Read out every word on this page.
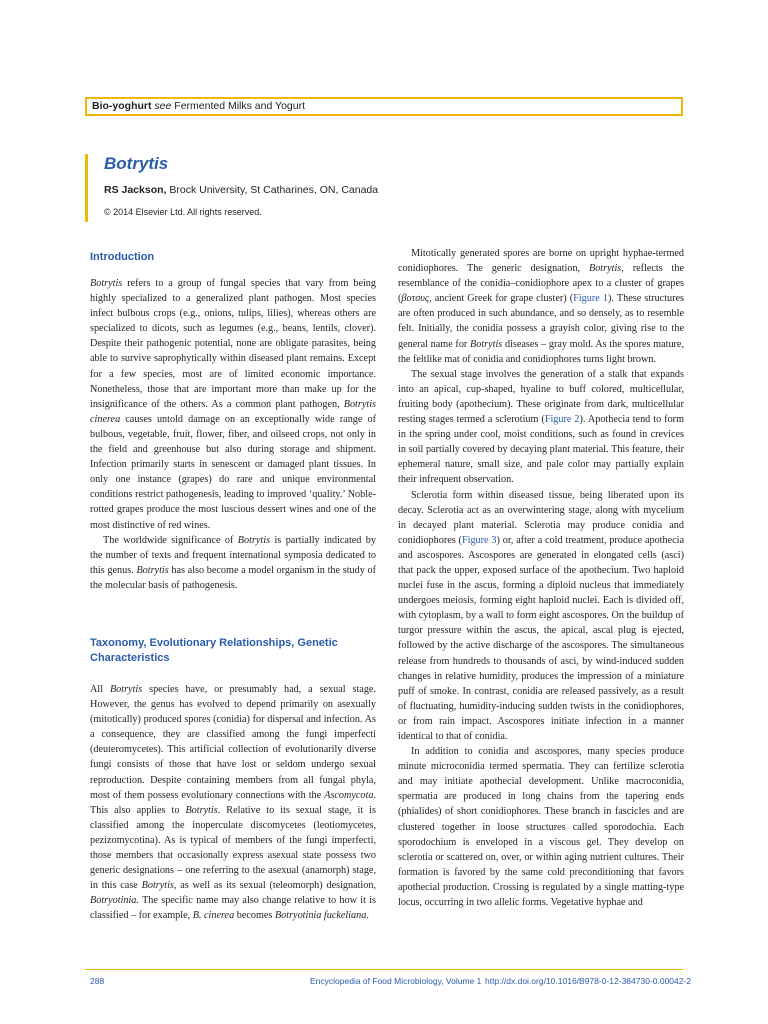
Bio-yoghurt see Fermented Milks and Yogurt
Botrytis
RS Jackson, Brock University, St Catharines, ON, Canada
© 2014 Elsevier Ltd. All rights reserved.
Introduction

Botrytis refers to a group of fungal species that vary from being highly specialized to a generalized plant pathogen. Most species infect bulbous crops (e.g., onions, tulips, lilies), whereas others are specialized to dicots, such as legumes (e.g., beans, lentils, clover). Despite their pathogenic potential, none are obligate parasites, being able to survive saprophytically within diseased plant remains. Except for a few species, most are of limited economic importance. Nonetheless, those that are important more than make up for the insignificance of the others. As a common plant pathogen, Botrytis cinerea causes untold damage on an exceptionally wide range of bulbous, vegetable, fruit, flower, fiber, and oilseed crops, not only in the field and greenhouse but also during storage and shipment. Infection primarily starts in senescent or damaged plant tissues. In only one instance (grapes) do rare and unique environmental conditions restrict pathogenesis, leading to improved ‘quality.’ Noble-rotted grapes produce the most luscious dessert wines and one of the most distinctive of red wines.

The worldwide significance of Botrytis is partially indicated by the number of texts and frequent international symposia dedicated to this genus. Botrytis has also become a model organism in the study of the molecular basis of pathogenesis.

Taxonomy, Evolutionary Relationships, Genetic Characteristics

All Botrytis species have, or presumably had, a sexual stage. However, the genus has evolved to depend primarily on asexually (mitotically) produced spores (conidia) for dispersal and infection. As a consequence, they are classified among the fungi imperfecti (deuteromycetes). This artificial collection of evolutionarily diverse fungi consists of those that have lost or seldom undergo sexual reproduction. Despite containing members from all fungal phyla, most of them possess evolutionary connections with the Ascomycota. This also applies to Botrytis. Relative to its sexual stage, it is classified among the inoperculate discomycetes (leotiomycetes, pezizomycotina). As is typical of members of the fungi imperfecti, those members that occasionally express asexual state possess two generic designations – one referring to the asexual (anamorph) stage, in this case Botrytis, as well as its sexual (teleomorph) designation, Botryotinia. The specific name may also change relative to how it is classified – for example, B. cinerea becomes Botryotinia fuckeliana.

Mitotically generated spores are borne on upright hyphae-termed conidiophores. The generic designation, Botrytis, reflects the resemblance of the conidia–conidiophore apex to a cluster of grapes (βοτσυς, ancient Greek for grape cluster) (Figure 1). These structures are often produced in such abundance, and so densely, as to resemble felt. Initially, the conidia possess a grayish color, giving rise to the general name for Botrytis diseases – gray mold. As the spores mature, the feltlike mat of conidia and conidiophores turns light brown.

The sexual stage involves the generation of a stalk that expands into an apical, cup-shaped, hyaline to buff colored, multicellular, fruiting body (apothecium). These originate from dark, multicellular resting stages termed a sclerotium (Figure 2). Apothecia tend to form in the spring under cool, moist conditions, such as found in crevices in soil partially covered by decaying plant material. This feature, their ephemeral nature, small size, and pale color may partially explain their infrequent observation.

Sclerotia form within diseased tissue, being liberated upon its decay. Sclerotia act as an overwintering stage, along with mycelium in decayed plant material. Sclerotia may produce conidia and conidiophores (Figure 3) or, after a cold treatment, produce apothecia and ascospores. Ascospores are generated in elongated cells (asci) that pack the upper, exposed surface of the apothecium. Two haploid nuclei fuse in the ascus, forming a diploid nucleus that immediately undergoes meiosis, forming eight haploid nuclei. Each is divided off, with cytoplasm, by a wall to form eight ascospores. On the buildup of turgor pressure within the ascus, the apical, ascal plug is ejected, followed by the active discharge of the ascospores. The simultaneous release from hundreds to thousands of asci, by wind-induced sudden changes in relative humidity, produces the impression of a miniature puff of smoke. In contrast, conidia are released passively, as a result of fluctuating, humidity-inducing sudden twists in the conidiophores, or from rain impact. Ascospores initiate infection in a manner identical to that of conidia.

In addition to conidia and ascospores, many species produce minute microconidia termed spermatia. They can fertilize sclerotia and may initiate apothecial development. Unlike macroconidia, spermatia are produced in long chains from the tapering ends (phialides) of short conidiophores. These branch in fascicles and are clustered together in loose structures called sporodochia. Each sporodochium is enveloped in a viscous gel. They develop on sclerotia or scattered on, over, or within aging nutrient cultures. Their formation is favored by the same cold preconditioning that favors apothecial production. Crossing is regulated by a single matting-type locus, occurring in two allelic forms. Vegetative hyphae and

288	Encyclopedia of Food Microbiology, Volume 1 http://dx.doi.org/10.1016/B978-0-12-384730-0.00042-2
